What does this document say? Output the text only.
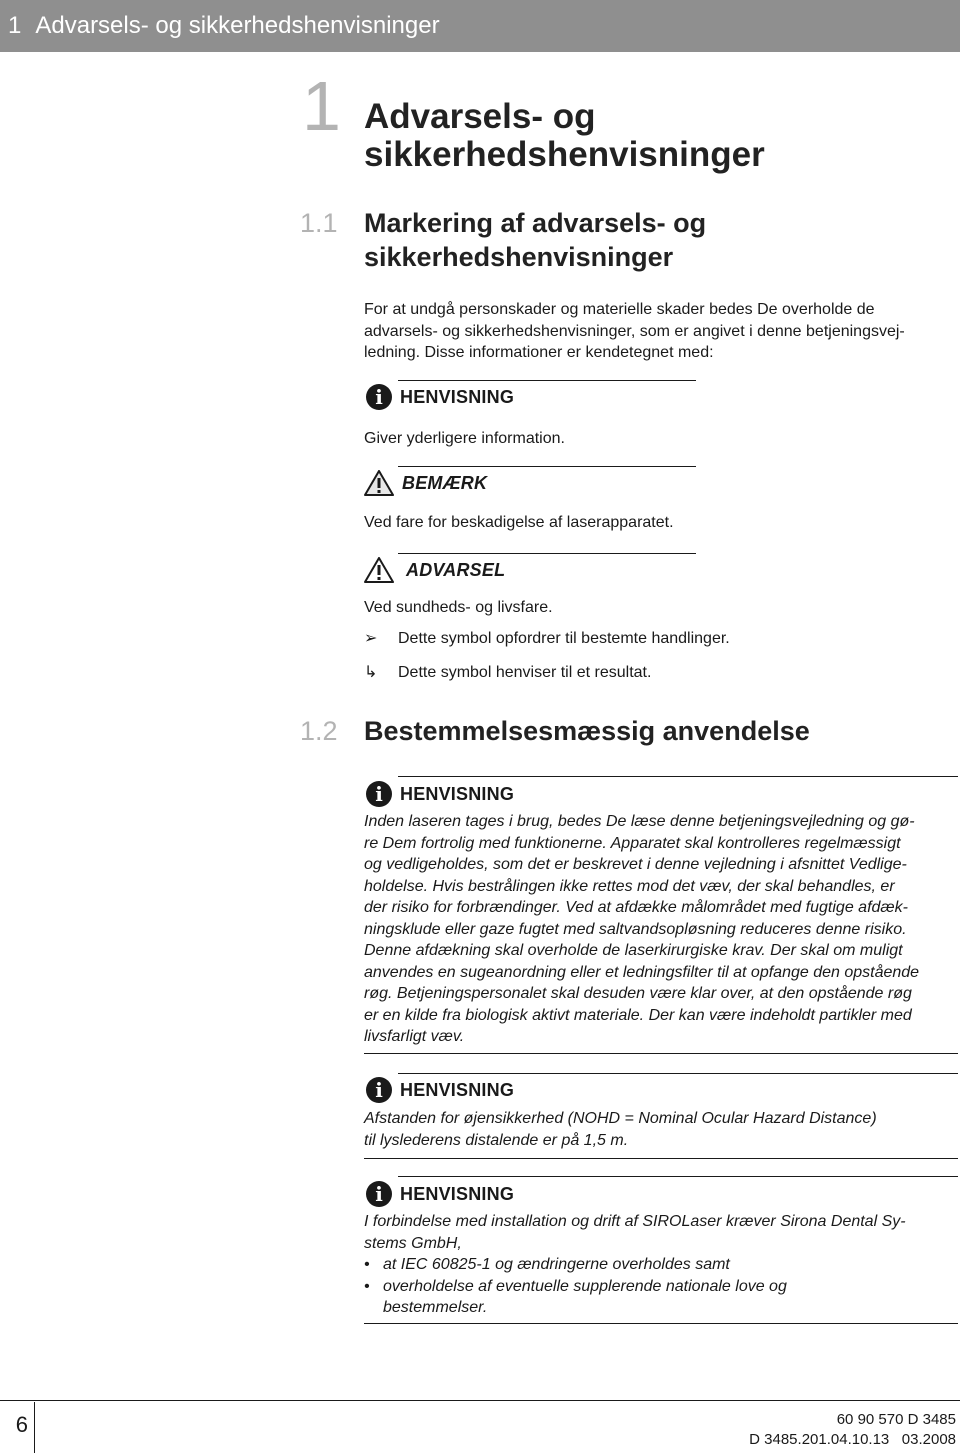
1 Advarsels- og sikkerhedshenvisninger
1 Advarsels- og
sikkerhedshenvisninger
1.1 Markering af advarsels- og
sikkerhedshenvisninger
For at undgå personskader og materielle skader bedes De overholde de
advarsels- og sikkerhedshenvisninger, som er angivet i denne betjeningsvej-
ledning. Disse informationer er kendetegnet med:
i HENVISNING
Giver yderligere information.
BEMÆRK
Ved fare for beskadigelse af laserapparatet.
ADVARSEL
Ved sundheds- og livsfare.
➢	Dette symbol opfordrer til bestemte handlinger.
↳	Dette symbol henviser til et resultat.
1.2 Bestemmelsesmæssig anvendelse
i HENVISNING
Inden laseren tages i brug, bedes De læse denne betjeningsvejledning og gø-
re Dem fortrolig med funktionerne. Apparatet skal kontrolleres regelmæssigt
og vedligeholdes, som det er beskrevet i denne vejledning i afsnittet Vedlige-
holdelse. Hvis bestrålingen ikke rettes mod det væv, der skal behandles, er
der risiko for forbrændinger. Ved at afdække målområdet med fugtige afdæk-
ningsklude eller gaze fugtet med saltvandsopløsning reduceres denne risiko.
Denne afdækning skal overholde de laserkirurgiske krav. Der skal om muligt
anvendes en sugeanordning eller et ledningsfilter til at opfange den opstående
røg. Betjeningspersonalet skal desuden være klar over, at den opstående røg
er en kilde fra biologisk aktivt materiale. Der kan være indeholdt partikler med
livsfarligt væv.
i HENVISNING
Afstanden for øjensikkerhed (NOHD = Nominal Ocular Hazard Distance)
til lyslederens distalende er på 1,5 m.
i HENVISNING
I forbindelse med installation og drift af SIROLaser kræver Sirona Dental Sy-
stems GmbH,
• at IEC 60825-1 og ændringerne overholdes samt
• overholdelse af eventuelle supplerende nationale love og
bestemmelser.
6	60 90 570 D 3485
D 3485.201.04.10.13   03.2008
